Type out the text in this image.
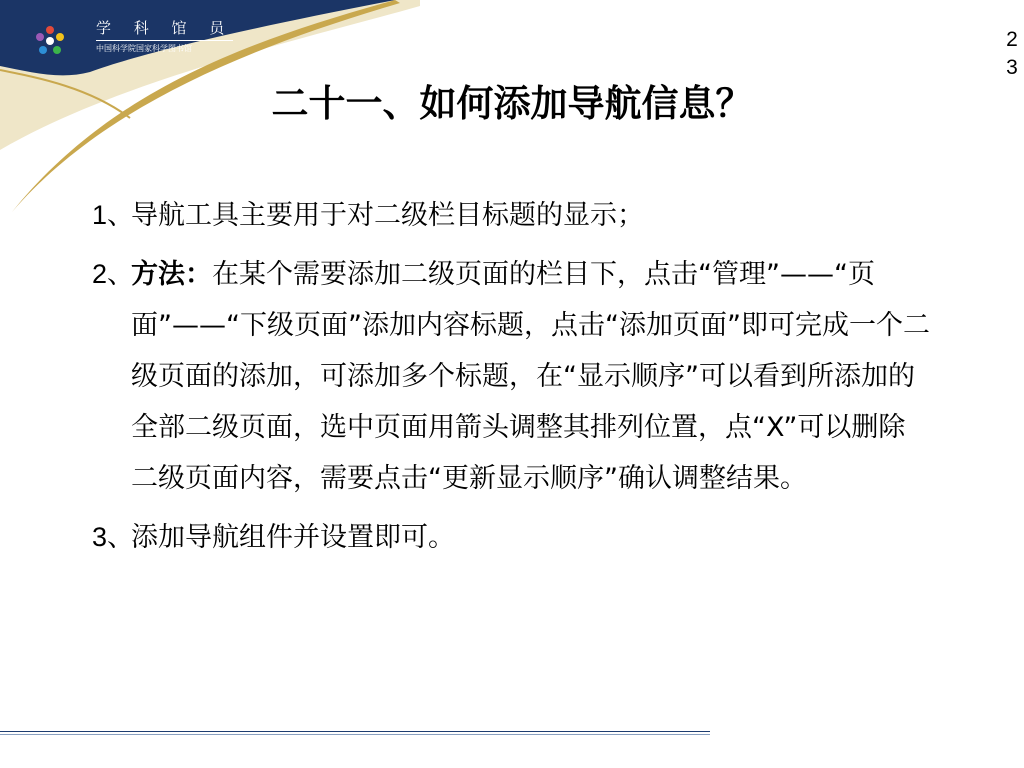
学 科 馆 员
中国科学院国家科学图书馆	23
二十一、如何添加导航信息？
1、
导航工具主要用于对二级栏目标题的显示；
2、
方法：在某个需要添加二级页面的栏目下，点击“管理”——“页面”——“下级页面”添加内容标题，点击“添加页面”即可完成一个二级页面的添加，可添加多个标题，在“显示顺序”可以看到所添加的全部二级页面，选中页面用箭头调整其排列位置，点“X”可以删除二级页面内容，需要点击“更新显示顺序”确认调整结果。
3、
添加导航组件并设置即可。
